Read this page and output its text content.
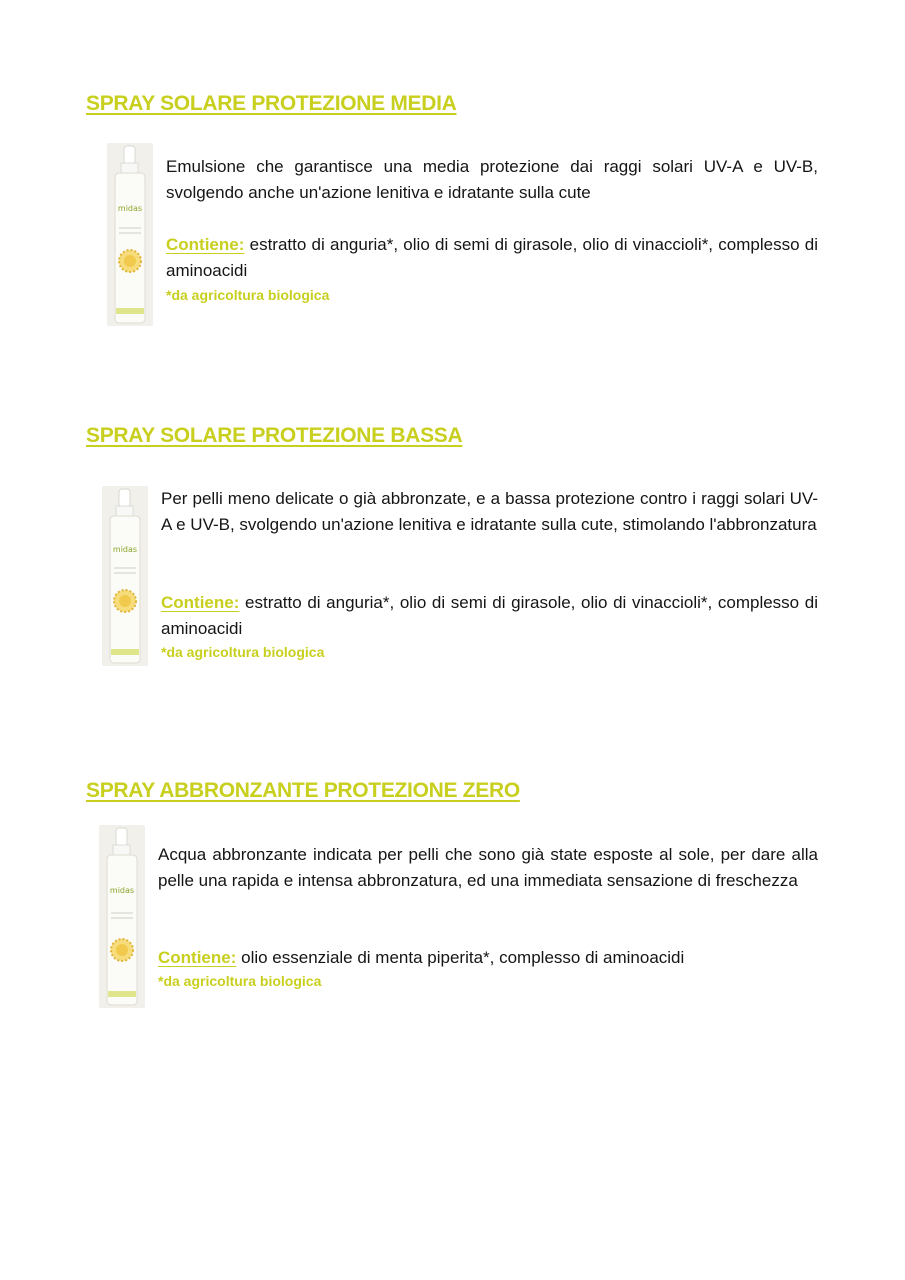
SPRAY SOLARE PROTEZIONE MEDIA
midas

Emulsione che garantisce una media protezione dai raggi solari UV-A e UV-B, svolgendo anche un'azione lenitiva e idratante sulla cute

Contiene: estratto di anguria*, olio di semi di girasole, olio di vinaccioli*, complesso di aminoacidi

*da agricoltura biologica

SPRAY SOLARE PROTEZIONE BASSA
midas

Per pelli meno delicate o già abbronzate, e a bassa protezione contro i raggi solari UV-A e UV-B, svolgendo un'azione lenitiva e idratante sulla cute, stimolando l'abbronzatura

Contiene: estratto di anguria*, olio di semi di girasole, olio di vinaccioli*, complesso di aminoacidi

*da agricoltura biologica

SPRAY ABBRONZANTE PROTEZIONE ZERO
midas

Acqua abbronzante indicata per pelli che sono già state esposte al sole, per dare alla pelle una rapida e intensa abbronzatura, ed una immediata sensazione di freschezza

Contiene: olio essenziale di menta piperita*, complesso di aminoacidi

*da agricoltura biologica
